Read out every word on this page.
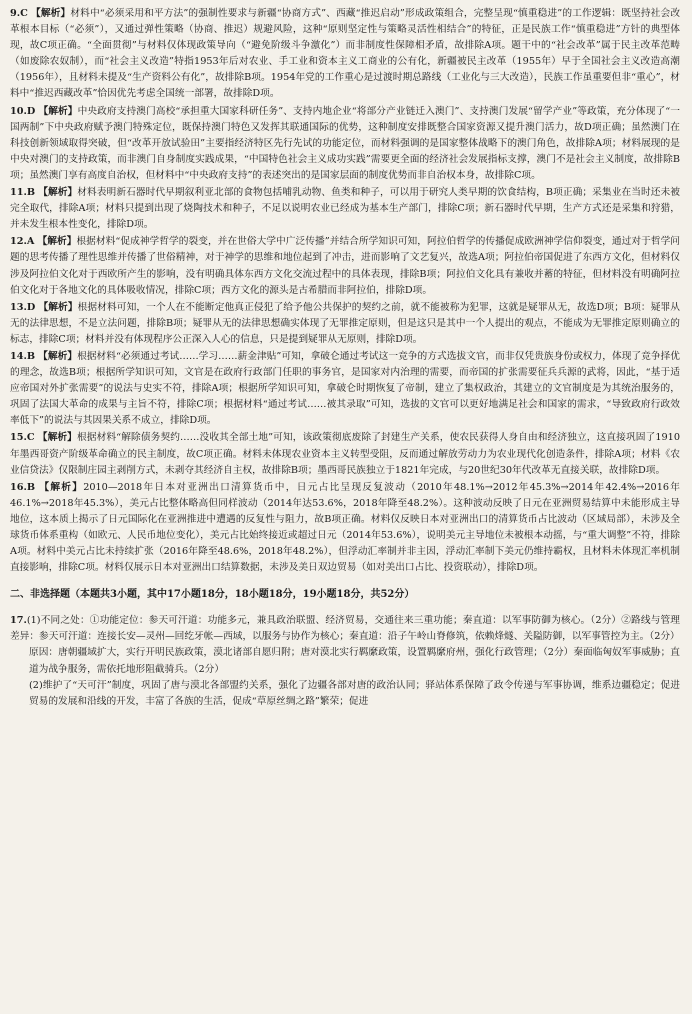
9.C 【解析】材料中“必须采用和平方法”的强制性要求与新疆“协商方式”、西藏“推迟启动”形成政策组合，完整呈现“慎重稳进”的工作逻辑：既坚持社会改革根本目标（“必须”），又通过弹性策略（协商、推迟）规避风险，这种“原则坚定性与策略灵活性相结合”的特征，正是民族工作“慎重稳进”方针的典型体现，故C项正确。“全面贯彻”与材料仅体现政策导向（“避免阶级斗争激化”）而非制度性保障相矛盾，故排除A项。题干中的“社会改革”属于民主改革范畴（如废除农奴制），而“社会主义改造”特指1953年后对农业、手工业和资本主义工商业的公有化，新疆被民主改革（1955年）早于全国社会主义改造高潮（1956年），且材料未提及“生产资料公有化”，故排除B项。1954年党的工作重心是过渡时期总路线（工业化与三大改造），民族工作虽重要但非“重心”，材料中“推迟西藏改革”恰因优先考虑全国统一部署，故排除D项。

10.D 【解析】中央政府支持澳门高校“承担重大国家科研任务”、支持内地企业“将部分产业链迁入澳门”、支持澳门发展“留学产业”等政策，充分体现了“一国两制”下中央政府赋予澳门特殊定位，既保持澳门特色又发挥其联通国际的优势，这种制度安排既整合国家资源又提升澳门活力，故D项正确；虽然澳门在科技创新领域取得突破，但“改革开放试验田”主要指经济特区先行先试的功能定位，而材料强调的是国家整体战略下的澳门角色，故排除A项；材料展现的是中央对澳门的支持政策，而非澳门自身制度实践成果，“中国特色社会主义成功实践”需要更全面的经济社会发展指标支撑，澳门不是社会主义制度，故排除B项；虽然澳门享有高度自治权，但材料中“中央政府支持”的表述突出的是国家层面的制度优势而非自治权本身，故排除C项。

11.B 【解析】材料表明新石器时代早期叙利亚北部的食物包括哺乳动物、鱼类和种子，可以用于研究人类早期的饮食结构，B项正确；采集业在当时还未被完全取代，排除A项；材料只提到出现了烧陶技术和种子，不足以说明农业已经成为基本生产部门，排除C项；新石器时代早期，生产方式还是采集和狩猎，并未发生根本性变化，排除D项。

12.A 【解析】根据材料“促成神学哲学的裂变，并在世俗大学中广泛传播”并结合所学知识可知，阿拉伯哲学的传播促成欧洲神学信仰裂变，通过对于哲学问题的思考传播了理性思维并传播了世俗精神，对于神学的思维和地位起到了冲击，进而影响了文艺复兴，故选A项；阿拉伯帝国促进了东西方文化，但材料仅涉及阿拉伯文化对于西欧所产生的影响，没有明确具体东西方文化交流过程中的具体表现，排除B项；阿拉伯文化具有兼收并蓄的特征，但材料没有明确阿拉伯文化对于各地文化的具体吸收情况，排除C项；西方文化的源头是古希腊而非阿拉伯，排除D项。

13.D 【解析】根据材料可知，一个人在不能断定他真正侵犯了给予他公共保护的契约之前，就不能被称为犯罪，这就是疑罪从无，故选D项；B项：疑罪从无的法律思想，不是立法问题，排除B项；疑罪从无的法律思想确实体现了无罪推定原则，但是这只是其中一个人提出的观点，不能成为无罪推定原则确立的标志，排除C项；材料并没有体现程序公正深入人心的信息，只是提到疑罪从无原则，排除D项。

14.B 【解析】根据材料“必须通过考试……学习……薪金津贴”可知，拿破仑通过考试这一竞争的方式选拔文官，而非仅凭贵族身份或权力，体现了竞争择优的理念，故选B项；根据所学知识可知，文官是在政府行政部门任职的事务官，是国家对内治理的需要，而帝国的扩张需要征兵兵源的武将，因此，“基于适应帝国对外扩张需要”的说法与史实不符，排除A项；根据所学知识可知，拿破仑时期恢复了帝制，建立了集权政治，其建立的文官制度是为其统治服务的，巩固了法国大革命的成果与主旨不符，排除C项；根据材料“通过考试……被其录取”可知，选拔的文官可以更好地满足社会和国家的需求，“导致政府行政效率低下”的说法与其因果关系不成立，排除D项。

15.C 【解析】根据材料“解除债务契约……没收其全部土地”可知，该政策彻底废除了封建生产关系，使农民获得人身自由和经济独立，这直接巩固了1910年墨西哥资产阶级革命确立的民主制度，故C项正确。材料未体现农业资本主义转型受阻，反而通过解放劳动力为农业现代化创造条件，排除A项；材料《农业信贷法》仅限制庄园主剥削方式，未剥夺其经济自主权，故排除B项；墨西哥民族独立于1821年完成，与20世纪30年代改革无直接关联，故排除D项。

16.B 【解析】2010—2018年日本对亚洲出口清算货币中，日元占比呈现反复波动（2010年48.1%→2012年45.3%→2014年42.4%→2016年46.1%→2018年45.3%），美元占比整体略高但同样波动（2014年达53.6%，2018年降至48.2%）。这种波动反映了日元在亚洲贸易结算中未能形成主导地位，这本质上揭示了日元国际化在亚洲推进中遭遇的反复性与阻力，故B项正确。材料仅反映日本对亚洲出口的清算货币占比波动（区域局部），未涉及全球货币体系重构（如欧元、人民币地位变化），美元占比始终接近或超过日元（2014年53.6%），说明美元主导地位未被根本动摇，与“重大调整”不符，排除A项。材料中美元占比未持续扩张（2016年降至48.6%，2018年48.2%），但浮动汇率制并非主因，浮动汇率制下美元仍维持霸权，且材料未体现汇率机制直接影响，排除C项。材料仅展示日本对亚洲出口结算数据，未涉及美日双边贸易（如对美出口占比、投资联动），排除D项。

二、非选择题（本题共3小题，其中17小题18分，18小题18分，19小题18分，共52分）

17.(1)不同之处：①功能定位：参天可汗道：功能多元，兼具政治联盟、经济贸易，交通往来三重功能；秦直道：以军事防御为核心。（2分）②路线与管理差异：参天可汗道：连接长安—灵州—回纥牙帐—西域，以服务与协作为核心；秦直道：沿子午岭山脊修筑，依赖烽燧、关隘防御，以军事管控为主。（2分）
原因：唐朝疆域扩大，实行开明民族政策，漠北诸部自愿归附；唐对漠北实行羁縻政策，设置羁縻府州，强化行政管理；（2分）秦面临匈奴军事威胁；直道为战争服务，需依托地形阻截骑兵。（2分）
(2)维护了“天可汗”制度，巩固了唐与漠北各部盟约关系，强化了边疆各部对唐的政治认同；驿站体系保障了政令传递与军事协调，维系边疆稳定；促进贸易的发展和沿线的开发，丰富了各族的生活，促成“草原丝绸之路”繁荣；促进
